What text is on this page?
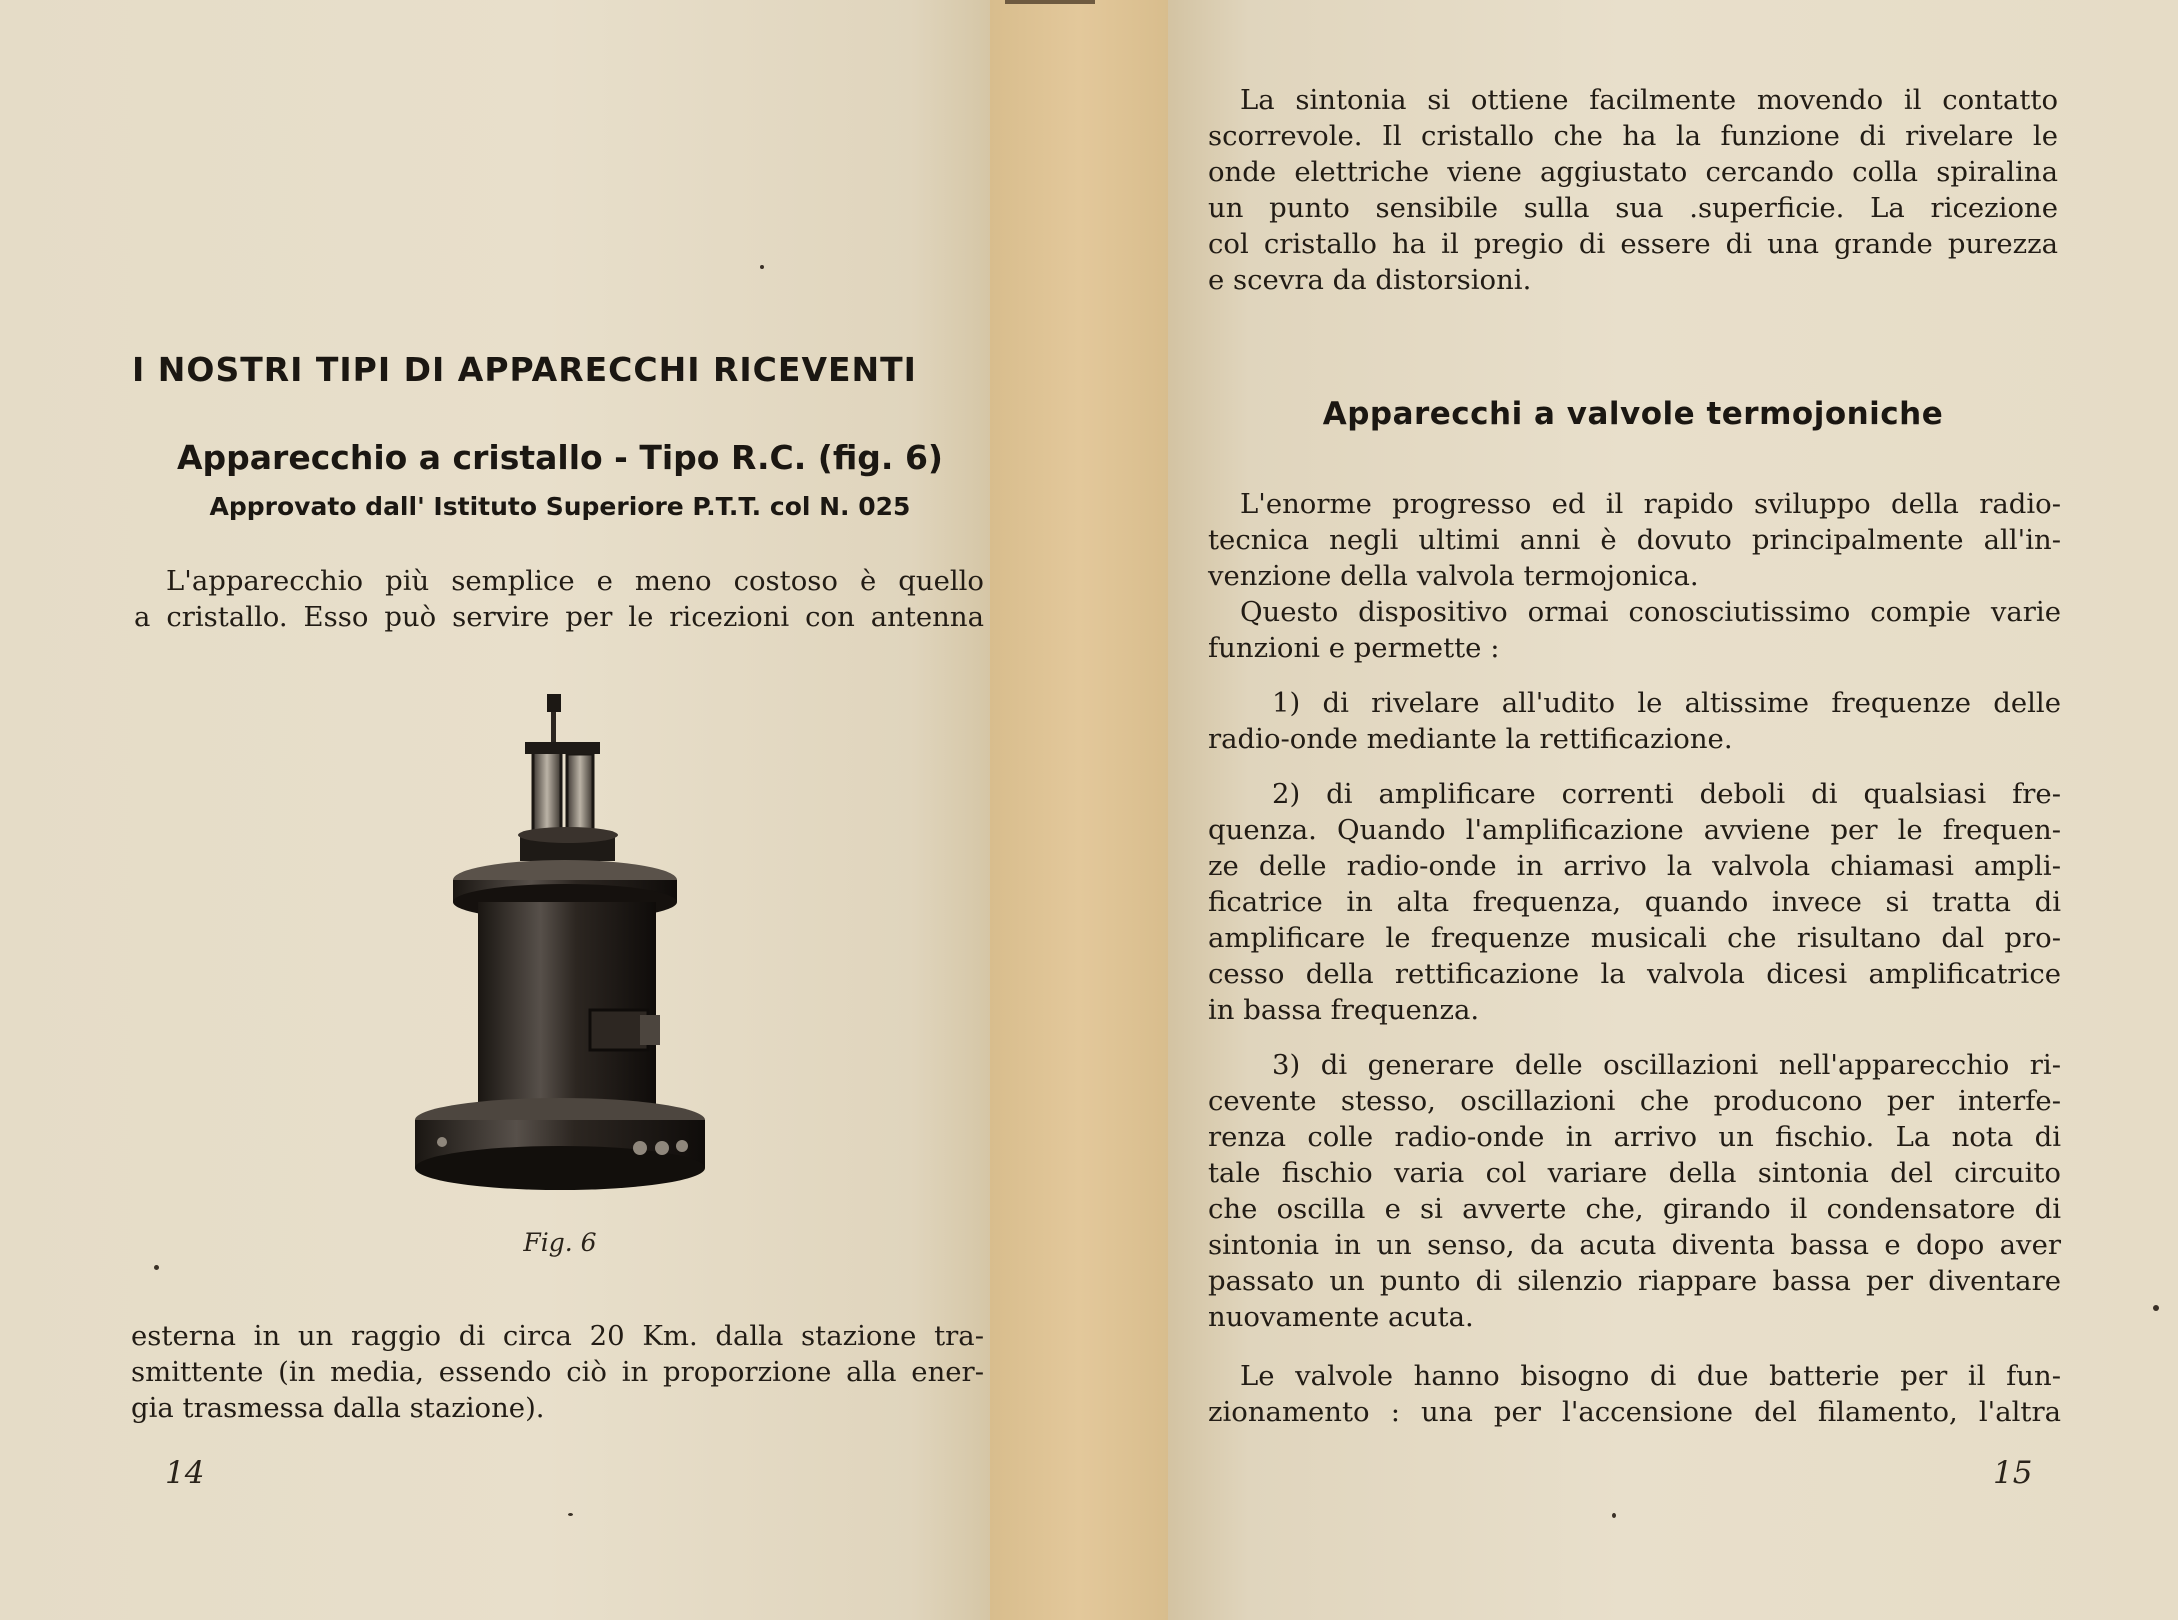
I NOSTRI TIPI DI APPARECCHI RICEVENTI
Apparecchio a cristallo - Tipo R.C. (fig. 6)
Approvato dall' Istituto Superiore P.T.T. col N. 025
L'apparecchio più semplice e meno costoso è quello
a cristallo. Esso può servire per le ricezioni con antenna
Fig. 6
esterna in un raggio di circa 20 Km. dalla stazione tra-
smittente (in media, essendo ciò in proporzione alla ener-
gia trasmessa dalla stazione).
14
La sintonia si ottiene facilmente movendo il contatto
scorrevole. Il cristallo che ha la funzione di rivelare le
onde elettriche viene aggiustato cercando colla spiralina
un punto sensibile sulla sua .superficie. La ricezione
col cristallo ha il pregio di essere di una grande purezza
e scevra da distorsioni.
Apparecchi a valvole termojoniche
L'enorme progresso ed il rapido sviluppo della radio-
tecnica negli ultimi anni è dovuto principalmente all'in-
venzione della valvola termojonica.
Questo dispositivo ormai conosciutissimo compie varie
funzioni e permette :
1) di rivelare all'udito le altissime frequenze delle
radio-onde mediante la rettificazione.
2) di amplificare correnti deboli di qualsiasi fre-
quenza. Quando l'amplificazione avviene per le frequen-
ze delle radio-onde in arrivo la valvola chiamasi ampli-
ficatrice in alta frequenza, quando invece si tratta di
amplificare le frequenze musicali che risultano dal pro-
cesso della rettificazione la valvola dicesi amplificatrice
in bassa frequenza.
3) di generare delle oscillazioni nell'apparecchio ri-
cevente stesso, oscillazioni che producono per interfe-
renza colle radio-onde in arrivo un fischio. La nota di
tale fischio varia col variare della sintonia del circuito
che oscilla e si avverte che, girando il condensatore di
sintonia in un senso, da acuta diventa bassa e dopo aver
passato un punto di silenzio riappare bassa per diventare
nuovamente acuta.
Le valvole hanno bisogno di due batterie per il fun-
zionamento : una per l'accensione del filamento, l'altra
15
